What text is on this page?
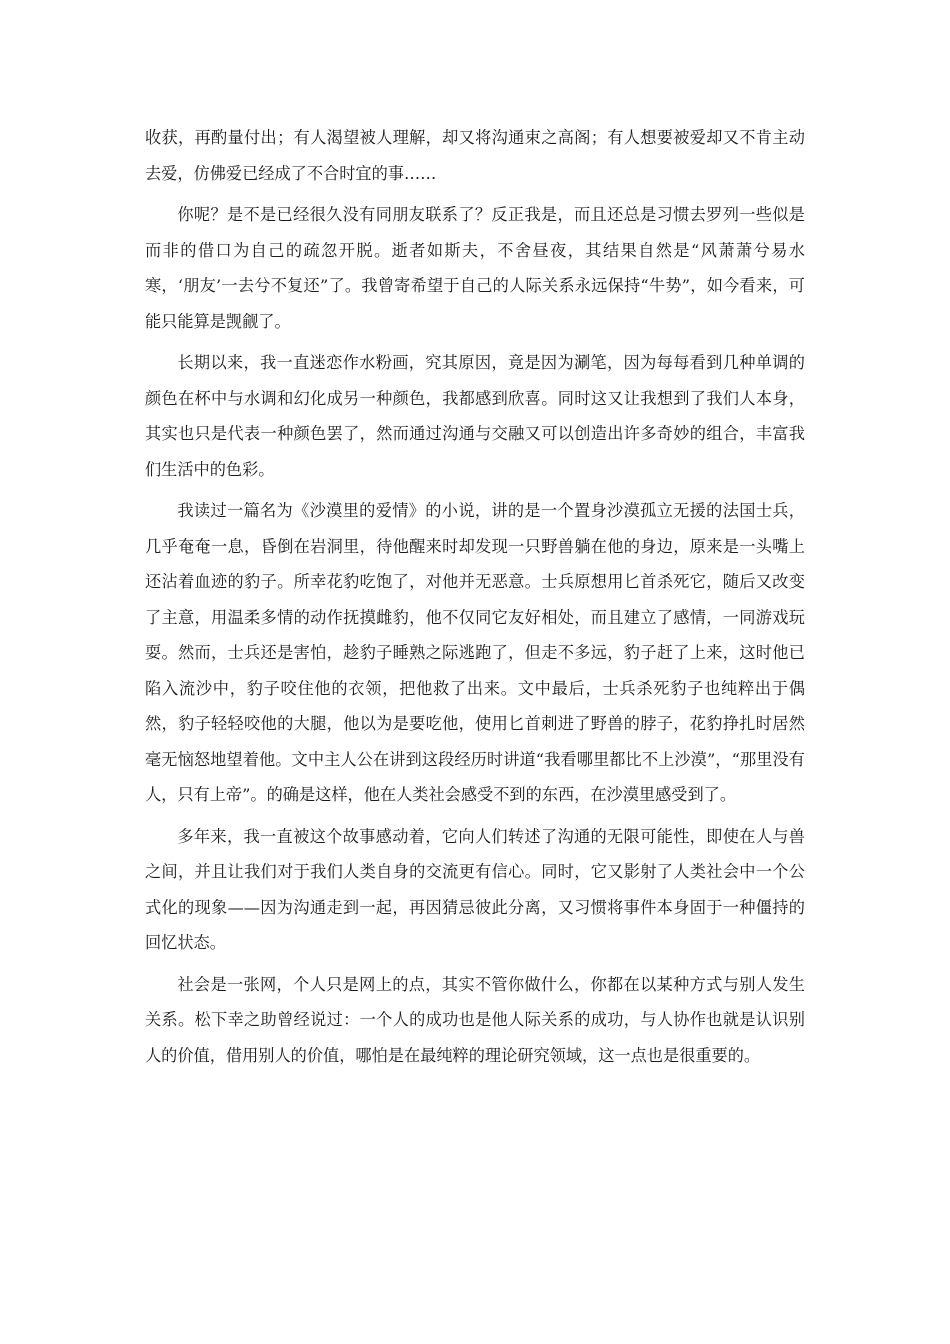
收获，再酌量付出；有人渴望被人理解，却又将沟通束之高阁；有人想要被爱却又不肯主动去爱，仿佛爱已经成了不合时宜的事……

你呢？是不是已经很久没有同朋友联系了？反正我是，而且还总是习惯去罗列一些似是而非的借口为自己的疏忽开脱。逝者如斯夫，不舍昼夜，其结果自然是“风萧萧兮易水寒，‘朋友’一去兮不复还”了。我曾寄希望于自己的人际关系永远保持“牛势”，如今看来，可能只能算是觊觎了。

长期以来，我一直迷恋作水粉画，究其原因，竟是因为涮笔，因为每每看到几种单调的颜色在杯中与水调和幻化成另一种颜色，我都感到欣喜。同时这又让我想到了我们人本身，其实也只是代表一种颜色罢了，然而通过沟通与交融又可以创造出许多奇妙的组合，丰富我们生活中的色彩。

我读过一篇名为《沙漠里的爱情》的小说，讲的是一个置身沙漠孤立无援的法国士兵，几乎奄奄一息，昏倒在岩洞里，待他醒来时却发现一只野兽躺在他的身边，原来是一头嘴上还沾着血迹的豹子。所幸花豹吃饱了，对他并无恶意。士兵原想用匕首杀死它，随后又改变了主意，用温柔多情的动作抚摸雌豹，他不仅同它友好相处，而且建立了感情，一同游戏玩耍。然而，士兵还是害怕，趁豹子睡熟之际逃跑了，但走不多远，豹子赶了上来，这时他已陷入流沙中，豹子咬住他的衣领，把他救了出来。文中最后，士兵杀死豹子也纯粹出于偶然，豹子轻轻咬他的大腿，他以为是要吃他，使用匕首刺进了野兽的脖子，花豹挣扎时居然毫无恼怒地望着他。文中主人公在讲到这段经历时讲道“我看哪里都比不上沙漠”，“那里没有人，只有上帝”。的确是这样，他在人类社会感受不到的东西，在沙漠里感受到了。

多年来，我一直被这个故事感动着，它向人们转述了沟通的无限可能性，即使在人与兽之间，并且让我们对于我们人类自身的交流更有信心。同时，它又影射了人类社会中一个公式化的现象——因为沟通走到一起，再因猜忌彼此分离，又习惯将事件本身固于一种僵持的回忆状态。

社会是一张网，个人只是网上的点，其实不管你做什么，你都在以某种方式与别人发生关系。松下幸之助曾经说过：一个人的成功也是他人际关系的成功，与人协作也就是认识别人的价值，借用别人的价值，哪怕是在最纯粹的理论研究领域，这一点也是很重要的。
